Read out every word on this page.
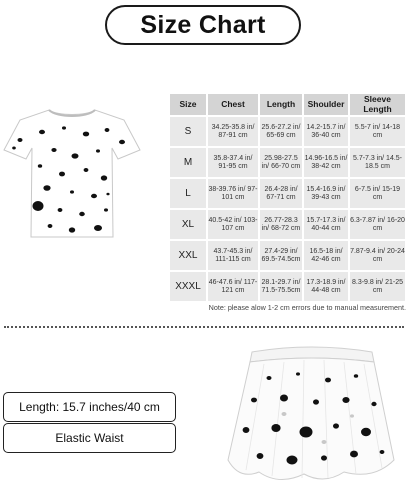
Size Chart
Size	Chest	Length	Shoulder	Sleeve Length
S	34.25-35.8 in/ 87-91 cm	25.6-27.2 in/ 65-69 cm	14.2-15.7 in/ 36-40 cm	5.5-7 in/ 14-18 cm
M	35.8-37.4 in/ 91-95 cm	25.98-27.5 in/ 66-70 cm	14.96-16.5 in/ 38-42 cm	5.7-7.3 in/ 14.5-18.5 cm
L	38-39.76 in/ 97-101 cm	26.4-28 in/ 67-71 cm	15.4-16.9 in/ 39-43 cm	6-7.5 in/ 15-19 cm
XL	40.5-42 in/ 103-107 cm	26.77-28.3 in/ 68-72 cm	15.7-17.3 in/ 40-44 cm	6.3-7.87 in/ 16-20 cm
XXL	43.7-45.3 in/ 111-115 cm	27.4-29 in/ 69.5-74.5cm	16.5-18 in/ 42-46 cm	7.87-9.4 in/ 20-24 cm
XXXL	46-47.6 in/ 117-121 cm	28.1-29.7 in/ 71.5-75.5cm	17.3-18.9 in/ 44-48 cm	8.3-9.8 in/ 21-25 cm
Note: please alow 1-2 cm errors due to manual measurement.
Length: 15.7 inches/40 cm
Elastic Waist
